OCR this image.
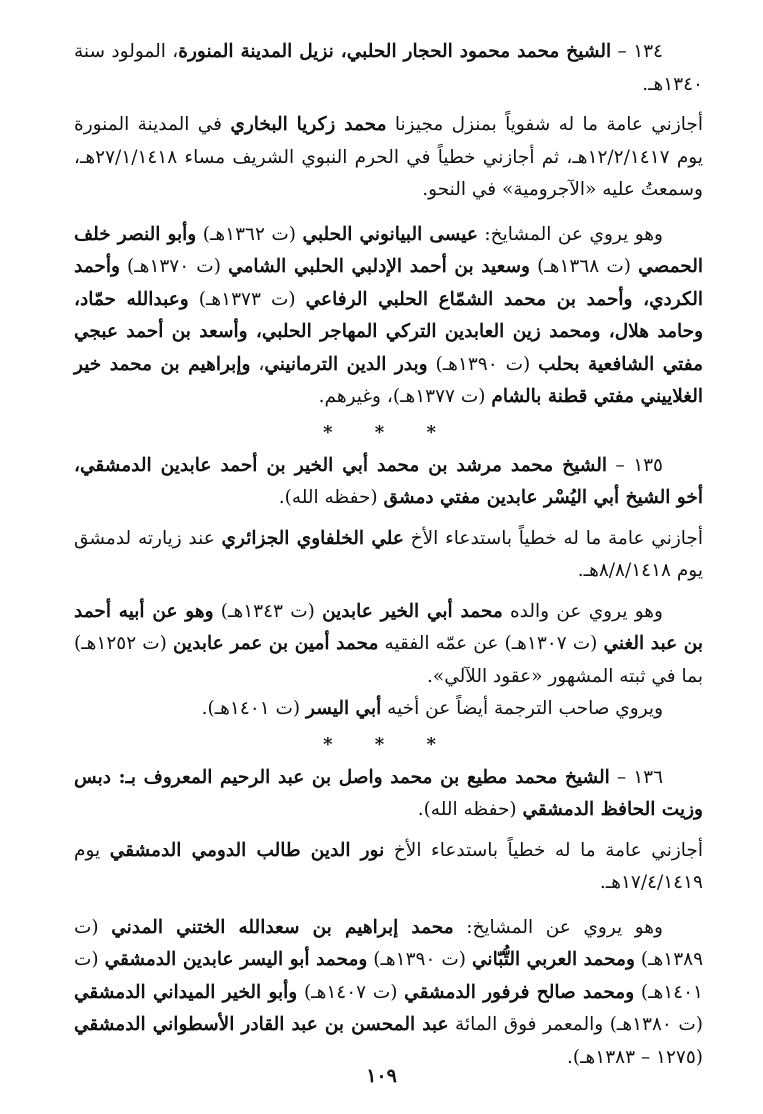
١٣٤ – الشيخ محمد محمود الحجار الحلبي، نزيل المدينة المنورة، المولود سنة ١٣٤٠هـ.

أجازني عامة ما له شفوياً بمنزل مجيزنا محمد زكريا البخاري في المدينة المنورة يوم ١٢/٢/١٤١٧هـ، ثم أجازني خطياً في الحرم النبوي الشريف مساء ٢٧/١/١٤١٨هـ، وسمعتُ عليه «الآجرومية» في النحو.

وهو يروي عن المشايخ: عيسى البيانوني الحلبي (ت ١٣٦٢هـ) وأبو النصر خلف الحمصي (ت ١٣٦٨هـ) وسعيد بن أحمد الإدلبي الحلبي الشامي (ت ١٣٧٠هـ) وأحمد الكردي، وأحمد بن محمد الشمّاع الحلبي الرفاعي (ت ١٣٧٣هـ) وعبدالله حمّاد، وحامد هلال، ومحمد زين العابدين التركي المهاجر الحلبي، وأسعد بن أحمد عبجي مفتي الشافعية بحلب (ت ١٣٩٠هـ) وبدر الدين الترمانيني، وإبراهيم بن محمد خير الغلاييني مفتي قطنة بالشام (ت ١٣٧٧هـ)، وغيرهم.

* * *

١٣٥ – الشيخ محمد مرشد بن محمد أبي الخير بن أحمد عابدين الدمشقي، أخو الشيخ أبي اليُسْر عابدين مفتي دمشق (حفظه الله).

أجازني عامة ما له خطياً باستدعاء الأخ علي الخلفاوي الجزائري عند زيارته لدمشق يوم ٨/٨/١٤١٨هـ.

وهو يروي عن والده محمد أبي الخير عابدين (ت ١٣٤٣هـ) وهو عن أبيه أحمد بن عبد الغني (ت ١٣٠٧هـ) عن عمّه الفقيه محمد أمين بن عمر عابدين (ت ١٢٥٢هـ) بما في ثبته المشهور «عقود اللآلي».

ويروي صاحب الترجمة أيضاً عن أخيه أبي اليسر (ت ١٤٠١هـ).

* * *

١٣٦ – الشيخ محمد مطيع بن محمد واصل بن عبد الرحيم المعروف بـ: دبس وزيت الحافظ الدمشقي (حفظه الله).

أجازني عامة ما له خطياً باستدعاء الأخ نور الدين طالب الدومي الدمشقي يوم ١٧/٤/١٤١٩هـ.

وهو يروي عن المشايخ: محمد إبراهيم بن سعدالله الختني المدني (ت ١٣٨٩هـ) ومحمد العربي التُّبّاني (ت ١٣٩٠هـ) ومحمد أبو اليسر عابدين الدمشقي (ت ١٤٠١هـ) ومحمد صالح فرفور الدمشقي (ت ١٤٠٧هـ) وأبو الخير الميداني الدمشقي (ت ١٣٨٠هـ) والمعمر فوق المائة عبد المحسن بن عبد القادر الأسطواني الدمشقي (١٢٧٥ – ١٣٨٣هـ).

١٠٩
